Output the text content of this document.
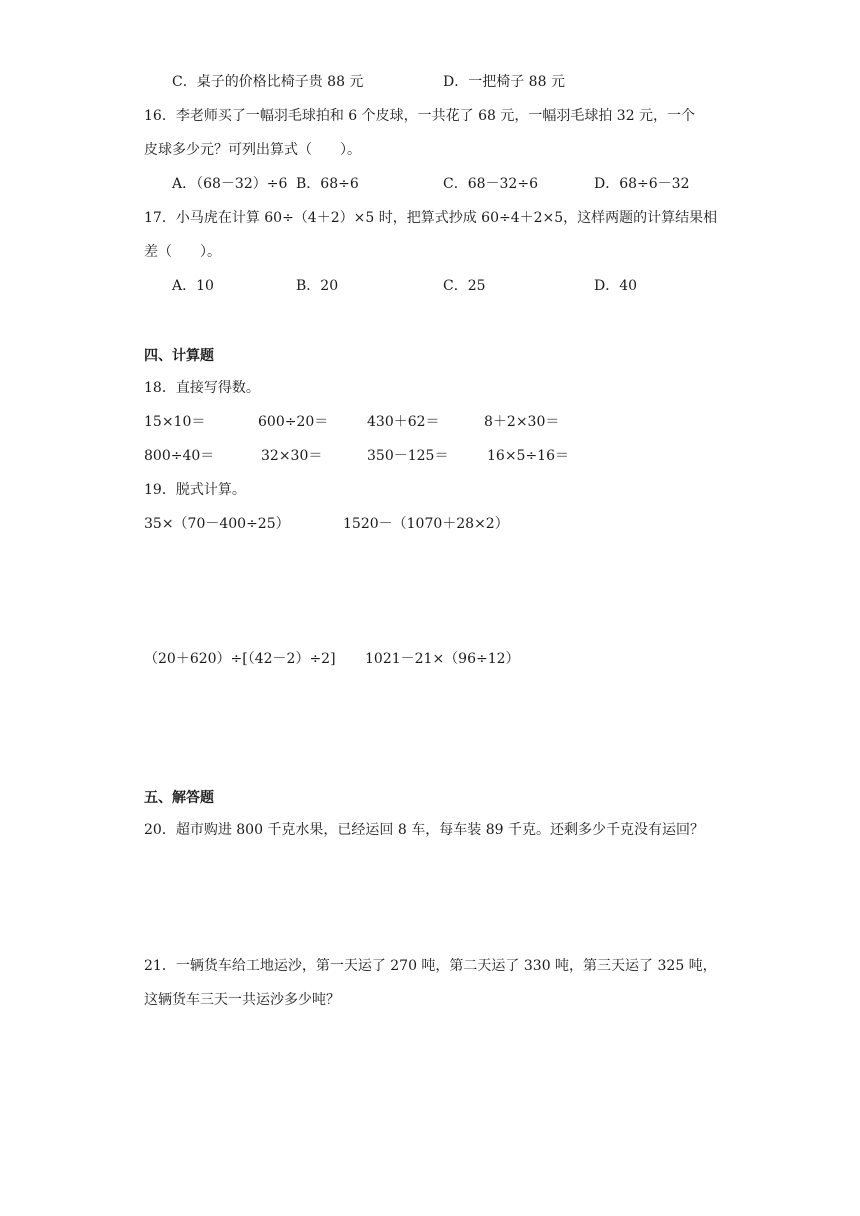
C．桌子的价格比椅子贵 88 元	D．一把椅子 88 元
16．李老师买了一幅羽毛球拍和 6 个皮球，一共花了 68 元，一幅羽毛球拍 32 元，一个
皮球多少元？可列出算式（　　）。
A．（68－32）÷6 B．68÷6	C．68－32÷6	D．68÷6－32
17．小马虎在计算 60÷（4＋2）×5 时，把算式抄成 60÷4＋2×5，这样两题的计算结果相
差（　　）。
A．10	B．20	C．25	D．40
四、计算题
18．直接写得数。
15×10＝	600÷20＝	430＋62＝	8＋2×30＝
800÷40＝	32×30＝	350－125＝	16×5÷16＝
19．脱式计算。
35×（70－400÷25）	1520－（1070＋28×2）
（20＋620）÷[（42－2）÷2] 1021－21×（96÷12）
五、解答题
20．超市购进 800 千克水果，已经运回 8 车，每车装 89 千克。还剩多少千克没有运回？
21．一辆货车给工地运沙，第一天运了 270 吨，第二天运了 330 吨，第三天运了 325 吨，
这辆货车三天一共运沙多少吨？
